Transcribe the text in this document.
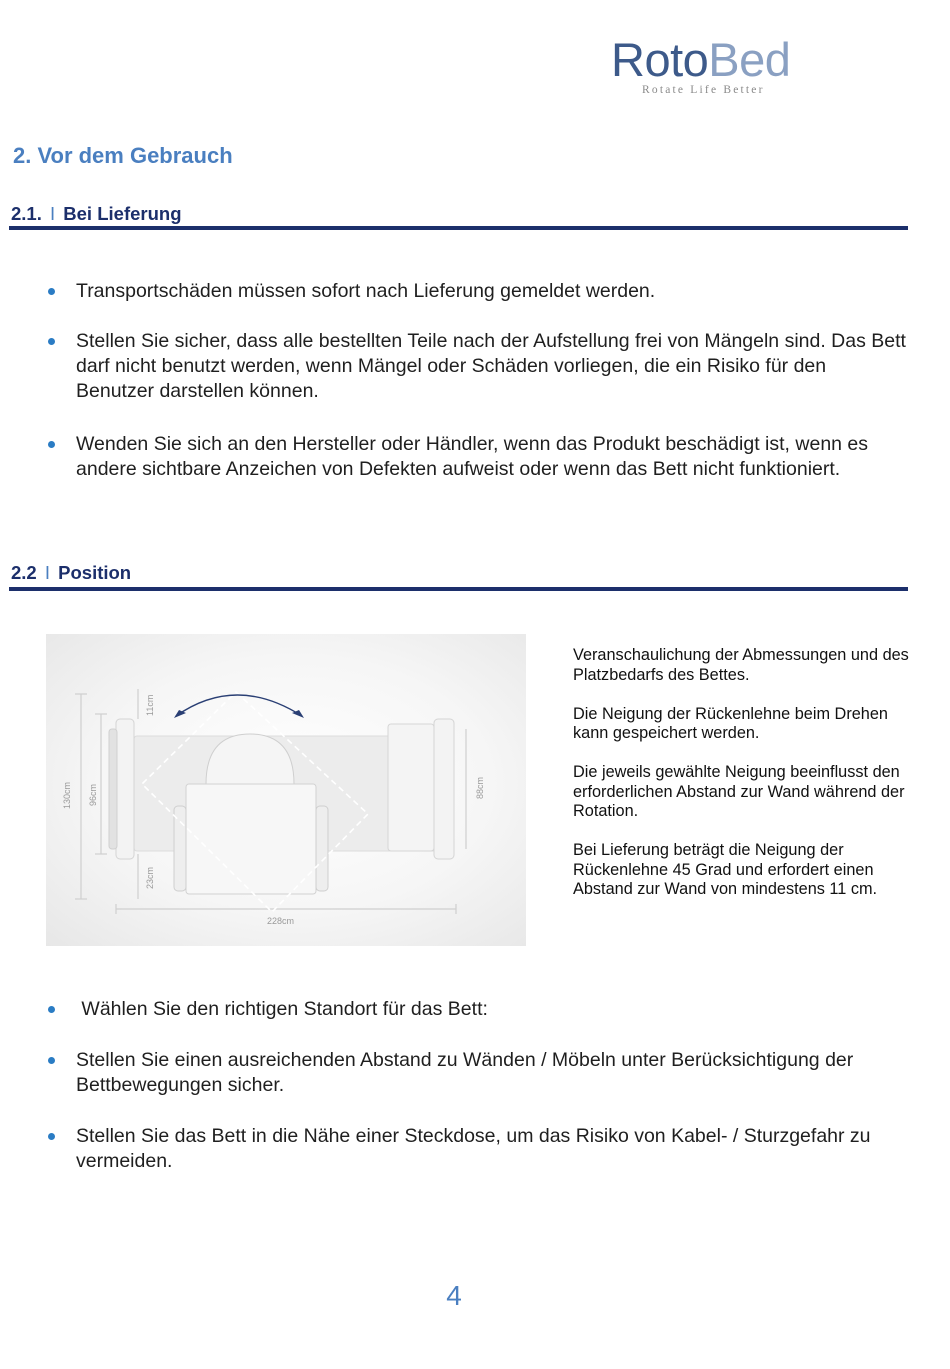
RotoBed
Rotate Life Better
2. Vor dem Gebrauch
2.1. I Bei Lieferung
Transportschäden müssen sofort nach Lieferung gemeldet werden.
Stellen Sie sicher, dass alle bestellten Teile nach der Aufstellung frei von Mängeln sind. Das Bett darf nicht benutzt werden, wenn Mängel oder Schäden vorliegen, die ein Risiko für den Benutzer darstellen können.
Wenden Sie sich an den Hersteller oder Händler, wenn das Produkt beschädigt ist, wenn es andere sichtbare Anzeichen von Defekten aufweist oder wenn das Bett nicht funktioniert.
2.2 I Position
130cm 96cm
11cm
23cm
88cm
228cm

Veranschaulichung der Abmessungen und des Platzbedarfs des Bettes.

Die Neigung der Rückenlehne beim Drehen kann gespeichert werden.

Die jeweils gewählte Neigung beeinflusst den erforderlichen Abstand zur Wand während der Rotation.

Bei Lieferung beträgt die Neigung der Rückenlehne 45 Grad und erfordert einen Abstand zur Wand von mindestens 11 cm.

Wählen Sie den richtigen Standort für das Bett:
Stellen Sie einen ausreichenden Abstand zu Wänden / Möbeln unter Berücksichtigung der Bettbewegungen sicher.
Stellen Sie das Bett in die Nähe einer Steckdose, um das Risiko von Kabel- / Sturzgefahr zu vermeiden.
4
